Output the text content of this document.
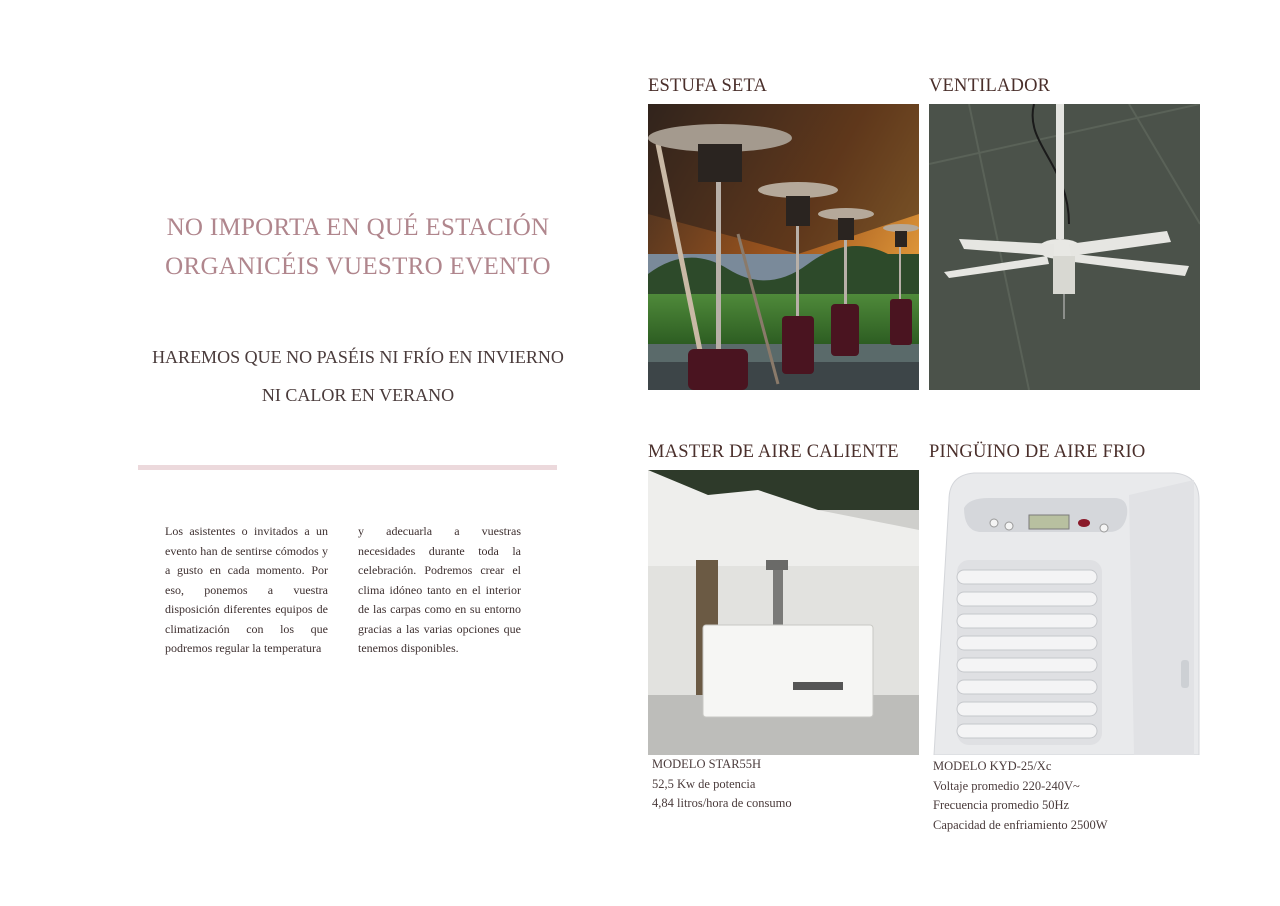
NO IMPORTA EN QUÉ ESTACIÓN
ORGANICÉIS VUESTRO EVENTO
HAREMOS QUE NO PASÉIS NI FRÍO EN INVIERNO
NI CALOR EN VERANO
Los asistentes o invitados a un evento han de sentirse cómodos y a gusto en cada momento. Por eso, ponemos a vuestra disposición diferentes equipos de climatización con los que podremos regular la temperatura
y adecuarla a vuestras necesidades durante toda la celebración. Podremos crear el clima idóneo tanto en el interior de las carpas como en su entorno gracias a las varias opciones que tenemos disponibles.
ESTUFA SETA	VENTILADOR
MASTER DE AIRE CALIENTE
MODELO STAR55H
52,5 Kw de potencia
4,84 litros/hora de consumo
PINGÜINO DE AIRE FRIO
MODELO KYD-25/Xc
Voltaje promedio 220-240V~
Frecuencia promedio 50Hz
Capacidad de enfriamiento 2500W
